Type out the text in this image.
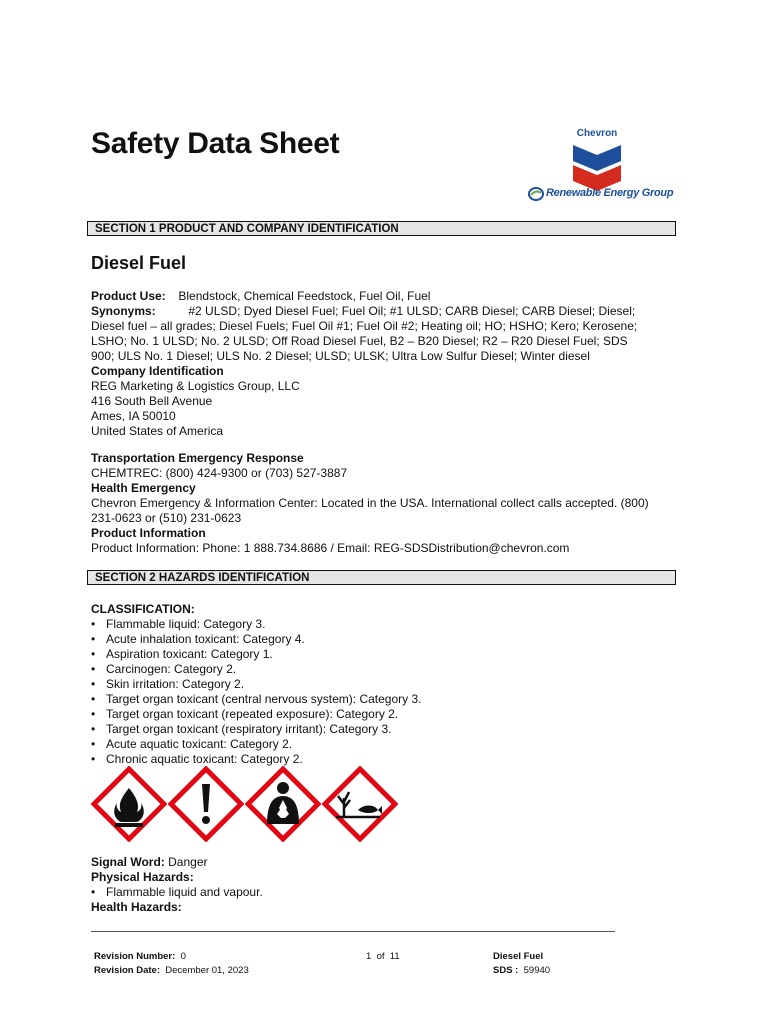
Safety Data Sheet	Chevron
Renewable Energy Group
SECTION 1 PRODUCT AND COMPANY IDENTIFICATION
Diesel Fuel
Product Use: Blendstock, Chemical Feedstock, Fuel Oil, Fuel
Synonyms:	#2 ULSD; Dyed Diesel Fuel; Fuel Oil; #1 ULSD; CARB Diesel; CARB Diesel; Diesel;
Diesel fuel – all grades; Diesel Fuels; Fuel Oil #1; Fuel Oil #2; Heating oil; HO; HSHO; Kero; Kerosene;
LSHO; No. 1 ULSD; No. 2 ULSD; Off Road Diesel Fuel, B2 – B20 Diesel; R2 – R20 Diesel Fuel; SDS
900; ULS No. 1 Diesel; ULS No. 2 Diesel; ULSD; ULSK; Ultra Low Sulfur Diesel; Winter diesel
Company Identification
REG Marketing & Logistics Group, LLC
416 South Bell Avenue
Ames, IA 50010
United States of America
Transportation Emergency Response
CHEMTREC: (800) 424-9300 or (703) 527-3887
Health Emergency
Chevron Emergency & Information Center: Located in the USA. International collect calls accepted. (800)
231-0623 or (510) 231-0623
Product Information
Product Information: Phone: 1 888.734.8686 / Email: REG-SDSDistribution@chevron.com
SECTION 2 HAZARDS IDENTIFICATION
CLASSIFICATION:
• Flammable liquid: Category 3.
• Acute inhalation toxicant: Category 4.
• Aspiration toxicant: Category 1.
• Carcinogen: Category 2.
• Skin irritation: Category 2.
• Target organ toxicant (central nervous system): Category 3.
• Target organ toxicant (repeated exposure): Category 2.
• Target organ toxicant (respiratory irritant): Category 3.
• Acute aquatic toxicant: Category 2.
• Chronic aquatic toxicant: Category 2.
Signal Word: Danger
Physical Hazards:
• Flammable liquid and vapour.
Health Hazards:
Revision Number: 0
Revision Date: December 01, 2023
1 of 11	Diesel Fuel
SDS : 59940
